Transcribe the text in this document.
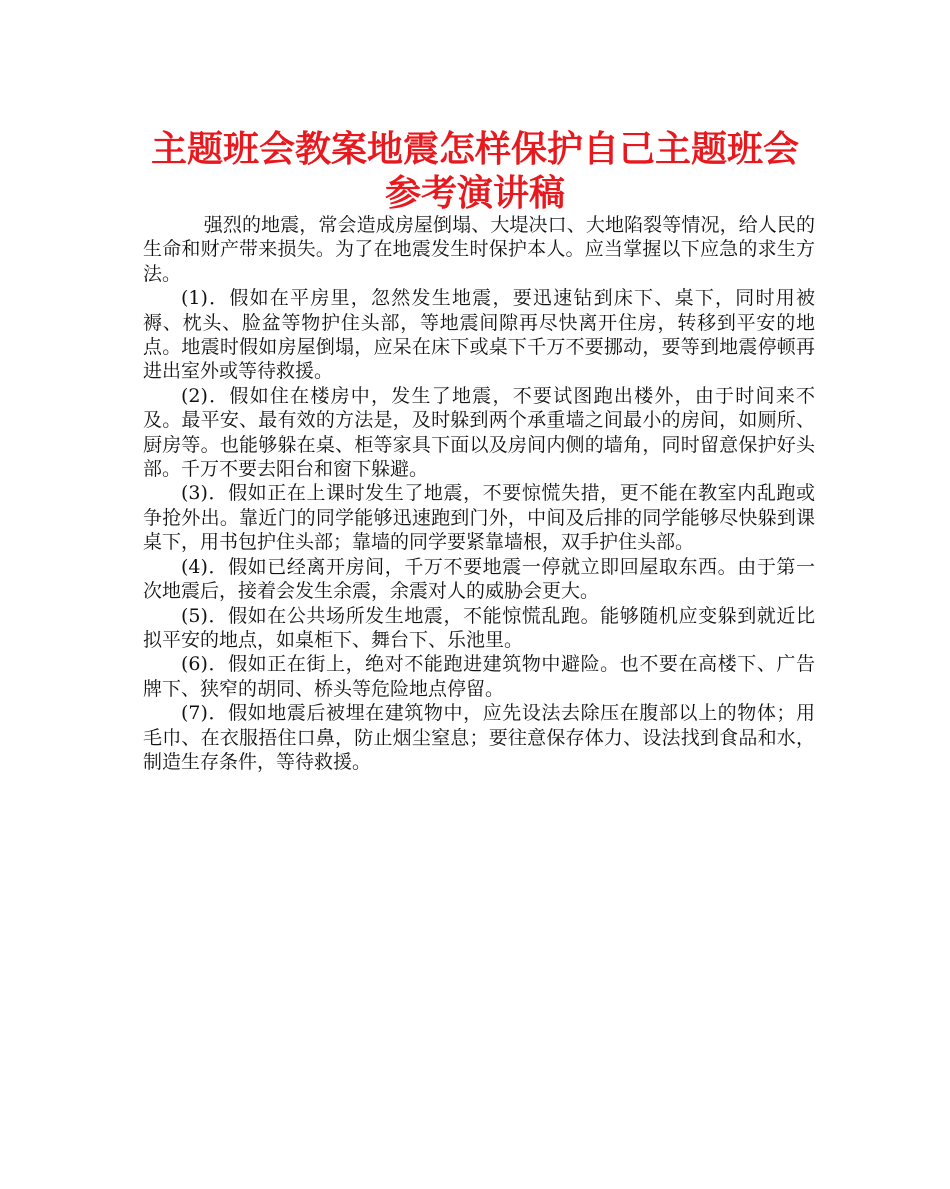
主题班会教案地震怎样保护自己主题班会
参考演讲稿

强烈的地震，常会造成房屋倒塌、大堤决口、大地陷裂等情况，给人民的生命和财产带来损失。为了在地震发生时保护本人。应当掌握以下应急的求生方法。

(1)．假如在平房里，忽然发生地震，要迅速钻到床下、桌下，同时用被褥、枕头、脸盆等物护住头部，等地震间隙再尽快离开住房，转移到平安的地点。地震时假如房屋倒塌，应呆在床下或桌下千万不要挪动，要等到地震停顿再进出室外或等待救援。

(2)．假如住在楼房中，发生了地震，不要试图跑出楼外，由于时间来不及。最平安、最有效的方法是，及时躲到两个承重墙之间最小的房间，如厕所、厨房等。也能够躲在桌、柜等家具下面以及房间内侧的墙角，同时留意保护好头部。千万不要去阳台和窗下躲避。

(3)．假如正在上课时发生了地震，不要惊慌失措，更不能在教室内乱跑或争抢外出。靠近门的同学能够迅速跑到门外，中间及后排的同学能够尽快躲到课桌下，用书包护住头部；靠墙的同学要紧靠墙根，双手护住头部。

(4)．假如已经离开房间，千万不要地震一停就立即回屋取东西。由于第一次地震后，接着会发生余震，余震对人的威胁会更大。

(5)．假如在公共场所发生地震，不能惊慌乱跑。能够随机应变躲到就近比拟平安的地点，如桌柜下、舞台下、乐池里。

(6)．假如正在街上，绝对不能跑进建筑物中避险。也不要在高楼下、广告牌下、狭窄的胡同、桥头等危险地点停留。

(7)．假如地震后被埋在建筑物中，应先设法去除压在腹部以上的物体；用毛巾、在衣服捂住口鼻，防止烟尘窒息；要往意保存体力、设法找到食品和水，制造生存条件，等待救援。
